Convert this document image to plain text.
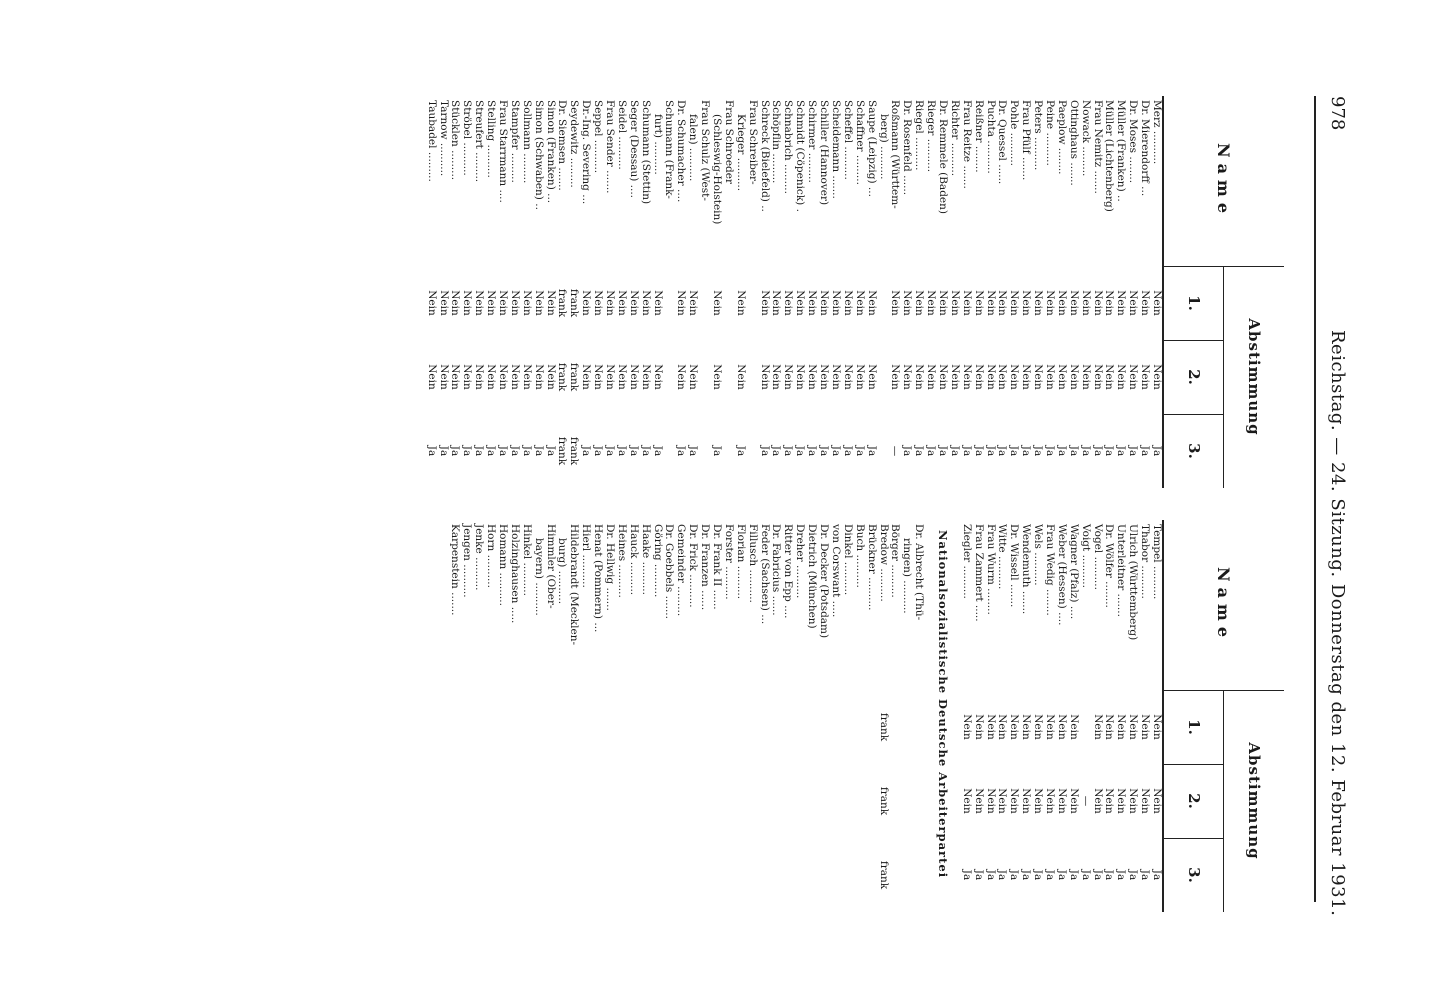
978
Reichstag. — 24. Sitzung. Donnerstag den 12. Februar 1931.
Name
Abstimmung
1.
2.
3.
Merz ..........
Nein
Nein
Ja
Dr. Mierendorff ...
Nein
Nein
Ja
Dr. Moses ........
Nein
Nein
Ja
Müller (Franken) ..
Nein
Nein
Ja
Müller (Lichtenberg)
Nein
Nein
Ja
Frau Nemitz .......
Nein
Nein
Ja
Nowack .........
Nein
Nein
Ja
Ottinghaus .......
Nein
Nein
Ja
Paeplow ........
Nein
Nein
Ja
Peine ..........
Nein
Nein
Ja
Peters ..........
Nein
Nein
Ja
Frau Pfülf .......
Nein
Nein
Ja
Pohle ..........
Nein
Nein
Ja
Dr. Quessel ......
Nein
Nein
Ja
Puchta ..........
Nein
Nein
Ja
Reißner ........
Nein
Nein
Ja
Frau Reitze .......
Nein
Nein
Ja
Richter ..........
Nein
Nein
Ja
Dr. Remmele (Baden)
Nein
Nein
Ja
Rieger ..........
Nein
Nein
Ja
Riegel ..........
Nein
Nein
Ja
Dr. Rosenfeld ......
Nein
Nein
Ja
Roßmann (Württem-
Nein
Nein
—
berg) ..........
Saupe (Leipzig) ...
Nein
Nein
Ja
Schaffner .........
Nein
Nein
Ja
Scheffel ..........
Nein
Nein
Ja
Scheidemann .......
Nein
Nein
Ja
Schiller (Hannover)
Nein
Nein
Ja
Schirmer .........
Nein
Nein
Ja
Schmidt (Cöpenick) .
Nein
Nein
Ja
Schnabrich .........
Nein
Nein
Ja
Schöpflin .........
Nein
Nein
Ja
Schreck (Bielefeld) ..
Nein
Nein
Ja
Frau Schreiber-
Krieger ..........
Nein
Nein
Ja
Frau Schroeder
(Schleswig-Holstein)
Nein
Nein
Ja
Frau Schulz (West-
falen) ..........
Nein
Nein
Ja
Dr. Schumacher ....
Nein
Nein
Ja
Schumann (Frank-
furt) ..........
Nein
Nein
Ja
Schumann (Stettin)
Nein
Nein
Ja
Seger (Dessau) ....
Nein
Nein
Ja
Seidel ..........
Nein
Nein
Ja
Frau Sender .......
Nein
Nein
Ja
Seppel ..........
Nein
Nein
Ja
Dr.-Ing. Severing ...
Nein
Nein
Ja
Seydewitz .........
frank
frank
frank
Dr. Siemsen .......
frank
frank
frank
Simon (Franken) ...
Nein
Nein
Ja
Simon (Schwaben) ..
Nein
Nein
Ja
Sollmann .........
Nein
Nein
Ja
Stampfer .........
Nein
Nein
Ja
Frau Starrmann ....
Nein
Nein
Ja
Stelling ..........
Nein
Nein
Ja
Streufert .........
Nein
Nein
Ja
Ströbel ..........
Nein
Nein
Ja
Stücklen .........
Nein
Nein
Ja
Tarnow ..........
Nein
Nein
Ja
Taubadel .........
Nein
Nein
Ja
Name
Abstimmung
1.
2.
3.
Tempel ..........
Nein
Nein
Ja
Thabor ..........
Nein
Nein
Ja
Ulrich (Württemberg)
Nein
Nein
Ja
Unterleitner .......
Nein
Nein
Ja
Dr. Wölfer ........
Nein
Nein
Ja
Vogel ..........
Nein
Nein
Ja
Voigt ..........
—
Ja
Wagner (Pfalz) ....
Nein
Nein
Ja
Weber (Hessen) ....
Nein
Nein
Ja
Frau Wedig ........
Nein
Nein
Ja
Wels ..........
Nein
Nein
Ja
Wendemuth .......
Nein
Nein
Ja
Dr. Wissell .......
Nein
Nein
Ja
Witte ..........
Nein
Nein
Ja
Frau Wurm ........
Nein
Nein
Ja
Frau Zammert .....
Nein
Nein
Ja
Ziegler ..........
Nein
Nein
Ja
Nationalsozialistische Deutsche Arbeiterpartei
Dr. Albrecht (Thü-
ringen) ..........
Börger ..........
Bredow ..........
frank
frank
frank
Brückner ..........
Buch ..........
Dinkel ..........
von Corswant .....
Dr. Decker (Potsdam)
Dietrich (München)
Dreher ..........
Ritter von Epp ....
Dr. Fabricius ......
Feder (Sachsen) ...
Fillusch ..........
Florian ..........
Forster ..........
Dr. Frank II ......
Dr. Franzen ......
Dr. Frick ..........
Gemeinder .........
Dr. Goebbels .......
Göring ..........
Haake ..........
Hauck ..........
Heines ..........
Dr. Hellwig .......
Henat (Pommern) ...
Hierl ..........
Hildebrandt (Mecklen-
burg) ..........
Himmler (Ober-
bayern) ..........
Hinkel ..........
Holzinghausen .....
Homann ..........
Horn ..........
Jenke ..........
Jengen ..........
Karpenstein .......
